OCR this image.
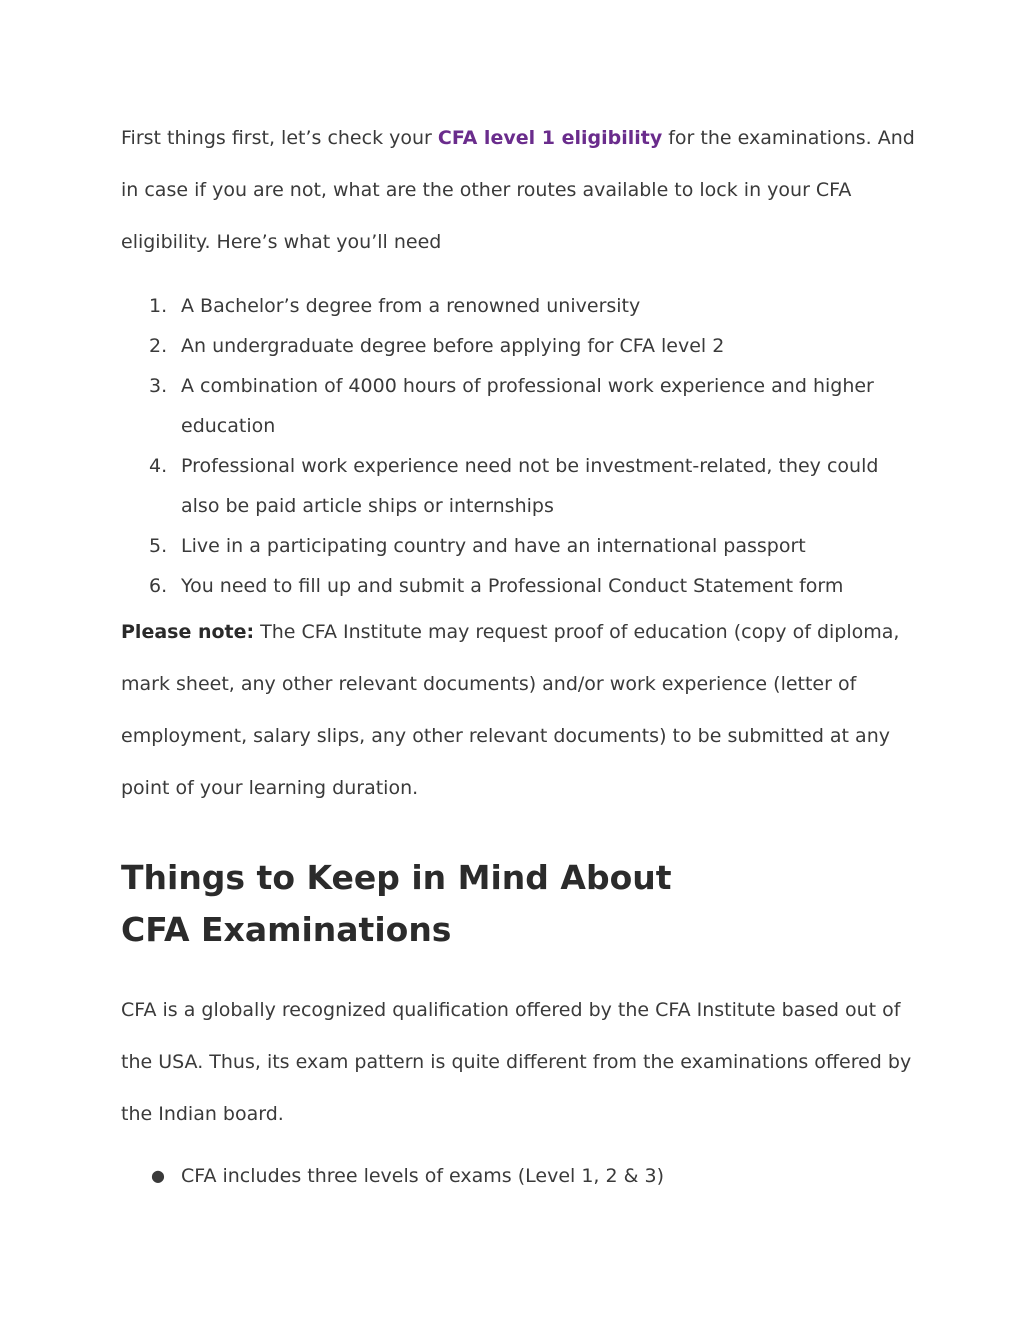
First things first, let’s check your CFA level 1 eligibility for the examinations. And in case if you are not, what are the other routes available to lock in your CFA eligibility. Here’s what you’ll need

1. A Bachelor’s degree from a renowned university
2. An undergraduate degree before applying for CFA level 2
3. A combination of 4000 hours of professional work experience and higher education
4. Professional work experience need not be investment-related, they could also be paid article ships or internships
5. Live in a participating country and have an international passport
6. You need to fill up and submit a Professional Conduct Statement form

Please note: The CFA Institute may request proof of education (copy of diploma, mark sheet, any other relevant documents) and/or work experience (letter of employment, salary slips, any other relevant documents) to be submitted at any point of your learning duration.

Things to Keep in Mind About CFA Examinations

CFA is a globally recognized qualification offered by the CFA Institute based out of the USA. Thus, its exam pattern is quite different from the examinations offered by the Indian board.

● CFA includes three levels of exams (Level 1, 2 & 3)
